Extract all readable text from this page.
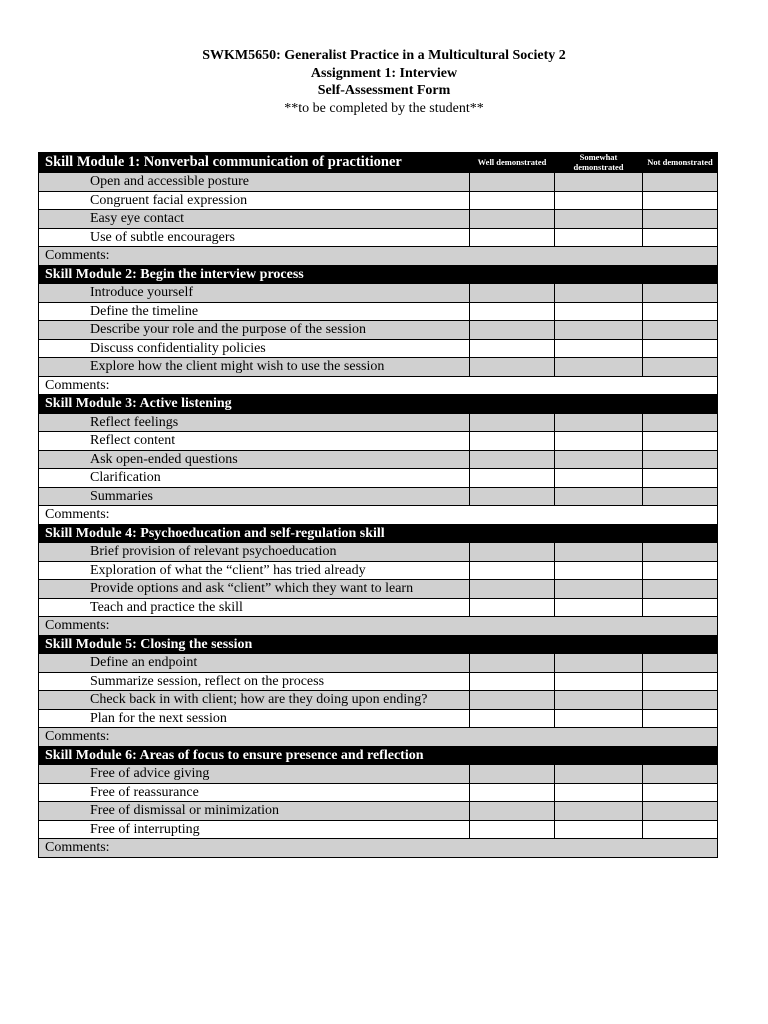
SWKM5650: Generalist Practice in a Multicultural Society 2
Assignment 1: Interview
Self-Assessment Form
**to be completed by the student**
Skill Module 1: Nonverbal communication of practitioner	Well demonstrated	Somewhat demonstrated	Not demonstrated
Open and accessible posture			
Congruent facial expression			
Easy eye contact			
Use of subtle encouragers			
Comments:			
Skill Module 2: Begin the interview process			
Introduce yourself			
Define the timeline			
Describe your role and the purpose of the session			
Discuss confidentiality policies			
Explore how the client might wish to use the session			
Comments:			
Skill Module 3: Active listening			
Reflect feelings			
Reflect content			
Ask open-ended questions			
Clarification			
Summaries			
Comments:			
Skill Module 4: Psychoeducation and self-regulation skill			
Brief provision of relevant psychoeducation			
Exploration of what the “client” has tried already			
Provide options and ask “client” which they want to learn			
Teach and practice the skill			
Comments:			
Skill Module 5: Closing the session			
Define an endpoint			
Summarize session, reflect on the process			
Check back in with client; how are they doing upon ending?			
Plan for the next session			
Comments:			
Skill Module 6: Areas of focus to ensure presence and reflection			
Free of advice giving			
Free of reassurance			
Free of dismissal or minimization			
Free of interrupting			
Comments:			
